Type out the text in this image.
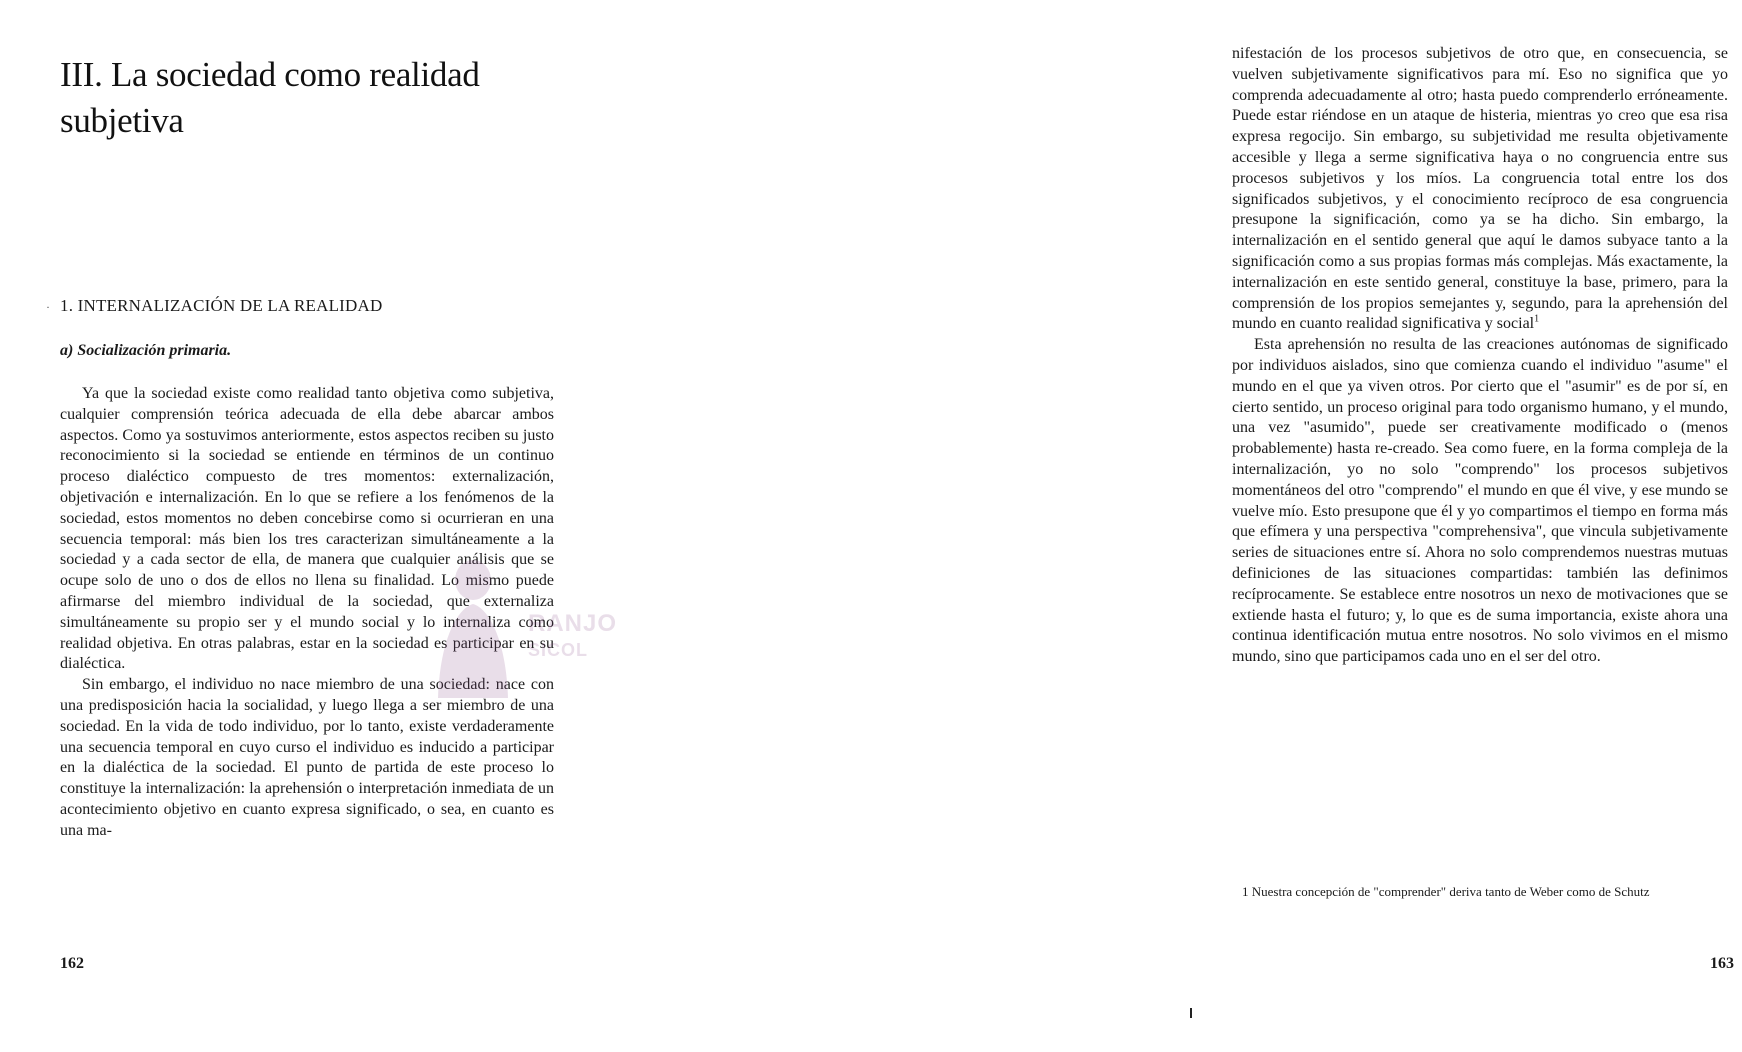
III. La sociedad como realidad subjetiva
· 1. INTERNALIZACIÓN DE LA REALIDAD
a) Socialización primaria.

Ya que la sociedad existe como realidad tanto objetiva como subjetiva, cualquier comprensión teórica adecuada de ella debe abarcar ambos aspectos. Como ya sostuvimos anteriormente, estos aspectos reciben su justo reconocimiento si la sociedad se entiende en términos de un continuo proceso dialéctico compuesto de tres momentos: externalización, objetivación e internalización. En lo que se refiere a los fenómenos de la sociedad, estos momentos no deben concebirse como si ocurrieran en una secuencia temporal: más bien los tres caracterizan simultáneamente a la sociedad y a cada sector de ella, de manera que cualquier análisis que se ocupe solo de uno o dos de ellos no llena su finalidad. Lo mismo puede afirmarse del miembro individual de la sociedad, que externaliza simultáneamente su propio ser y el mundo social y lo internaliza como realidad objetiva. En otras palabras, estar en la sociedad es participar en su dialéctica.

Sin embargo, el individuo no nace miembro de una sociedad: nace con una predisposición hacia la socialidad, y luego llega a ser miembro de una sociedad. En la vida de todo individuo, por lo tanto, existe verdaderamente una secuencia temporal en cuyo curso el individuo es inducido a participar en la dialéctica de la sociedad. El punto de partida de este proceso lo constituye la internalización: la aprehensión o interpretación inmediata de un acontecimiento objetivo en cuanto expresa significado, o sea, en cuanto es una ma-

162

nifestación de los procesos subjetivos de otro que, en consecuencia, se vuelven subjetivamente significativos para mí. Eso no significa que yo comprenda adecuadamente al otro; hasta puedo comprenderlo erróneamente. Puede estar riéndose en un ataque de histeria, mientras yo creo que esa risa expresa regocijo. Sin embargo, su subjetividad me resulta objetivamente accesible y llega a serme significativa haya o no congruencia entre sus procesos subjetivos y los míos. La congruencia total entre los dos significados subjetivos, y el conocimiento recíproco de esa congruencia presupone la significación, como ya se ha dicho. Sin embargo, la internalización en el sentido general que aquí le damos subyace tanto a la significación como a sus propias formas más complejas. Más exactamente, la internalización en este sentido general, constituye la base, primero, para la comprensión de los propios semejantes y, segundo, para la aprehensión del mundo en cuanto realidad significativa y social$^1$

Esta aprehensión no resulta de las creaciones autónomas de significado por individuos aislados, sino que comienza cuando el individuo "asume" el mundo en el que ya viven otros. Por cierto que el "asumir" es de por sí, en cierto sentido, un proceso original para todo organismo humano, y el mundo, una vez "asumido", puede ser creativamente modificado o (menos probablemente) hasta re-creado. Sea como fuere, en la forma compleja de la internalización, yo no solo "comprendo" los procesos subjetivos momentáneos del otro "comprendo" el mundo en que él vive, y ese mundo se vuelve mío. Esto presupone que él y yo compartimos el tiempo en forma más que efímera y una perspectiva "comprehensiva", que vincula subjetivamente series de situaciones entre sí. Ahora no solo comprendemos nuestras mutuas definiciones de las situaciones compartidas: también las definimos recíprocamente. Se establece entre nosotros un nexo de motivaciones que se extiende hasta el futuro; y, lo que es de suma importancia, existe ahora una continua identificación mutua entre nosotros. No solo vivimos en el mismo mundo, sino que participamos cada uno en el ser del otro.

1 Nuestra concepción de "comprender" deriva tanto de Weber como de Schutz

163

RANJO
SICOL
